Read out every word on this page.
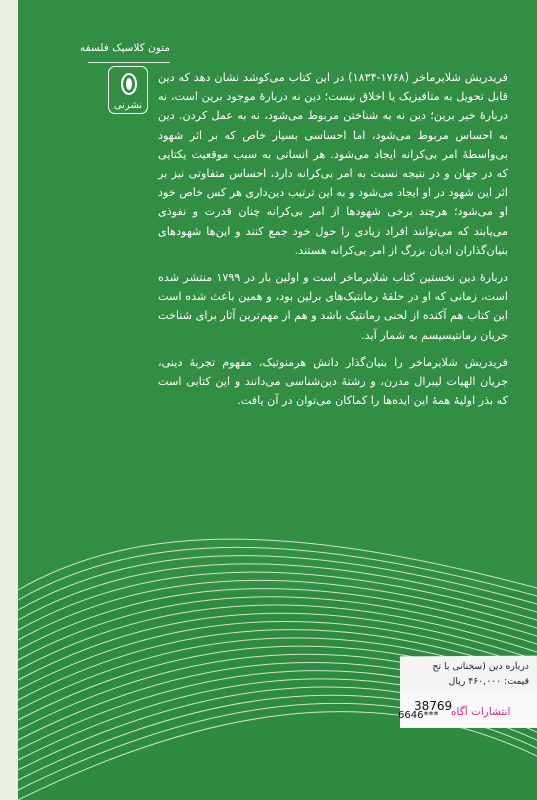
متون کلاسیک فلسفه
نشرنی

فریدریش شلایرماخر (۱۷۶۸-۱۸۳۴) در این کتاب می‌کوشد نشان دهد که دین قابل تحویل به متافیزیک یا اخلاق نیست؛ دین نه دربارهٔ موجود برین است، نه دربارهٔ خیر برین؛ دین نه به شناختن مربوط می‌شود، نه به عمل کردن. دین به احساس مربوط می‌شود، اما احساسی بسیار خاص که بر اثر شهود بی‌واسطهٔ امر بی‌کرانه ایجاد می‌شود. هر انسانی به سبب موقعیت یکتایی که در جهان و در نتیجه نسبت به امر بی‌کرانه دارد، احساس متفاوتی نیز بر اثر این شهود در او ایجاد می‌شود و به این ترتیب دین‌داری هر کس خاص خود او می‌شود؛ هرچند برخی شهودها از امر بی‌کرانه چنان قدرت و نفوذی می‌یابند که می‌توانند افراد زیادی را حول خود جمع کنند و این‌ها شهودهای بنیان‌گذاران ادیان بزرگ از امر بی‌کرانه هستند.

دربارهٔ دین نخستین کتاب شلایرماخر است و اولین بار در ۱۷۹۹ منتشر شده است، زمانی که او در حلقهٔ رمانتیک‌های برلین بود، و همین باعث شده است این کتاب هم آکنده از لحنی رمانتیک باشد و هم از مهم‌ترین آثار برای شناخت جریان رمانتیسیسم به شمار آید.

فریدریش شلایرماخر را بنیان‌گذار دانش هرمنوتیک، مفهوم تجربهٔ دینی، جریان الهیات لیبرال مدرن، و رشتهٔ دین‌شناسی می‌دانند و این کتابی است که بذر اولیهٔ همهٔ این ایده‌ها را کماکان می‌توان در آن یافت.

درباره دین (سخنانی با تح
قیمت: ۴۶۰,۰۰۰ ریال
38769
6646*** انتشارات آگاه
